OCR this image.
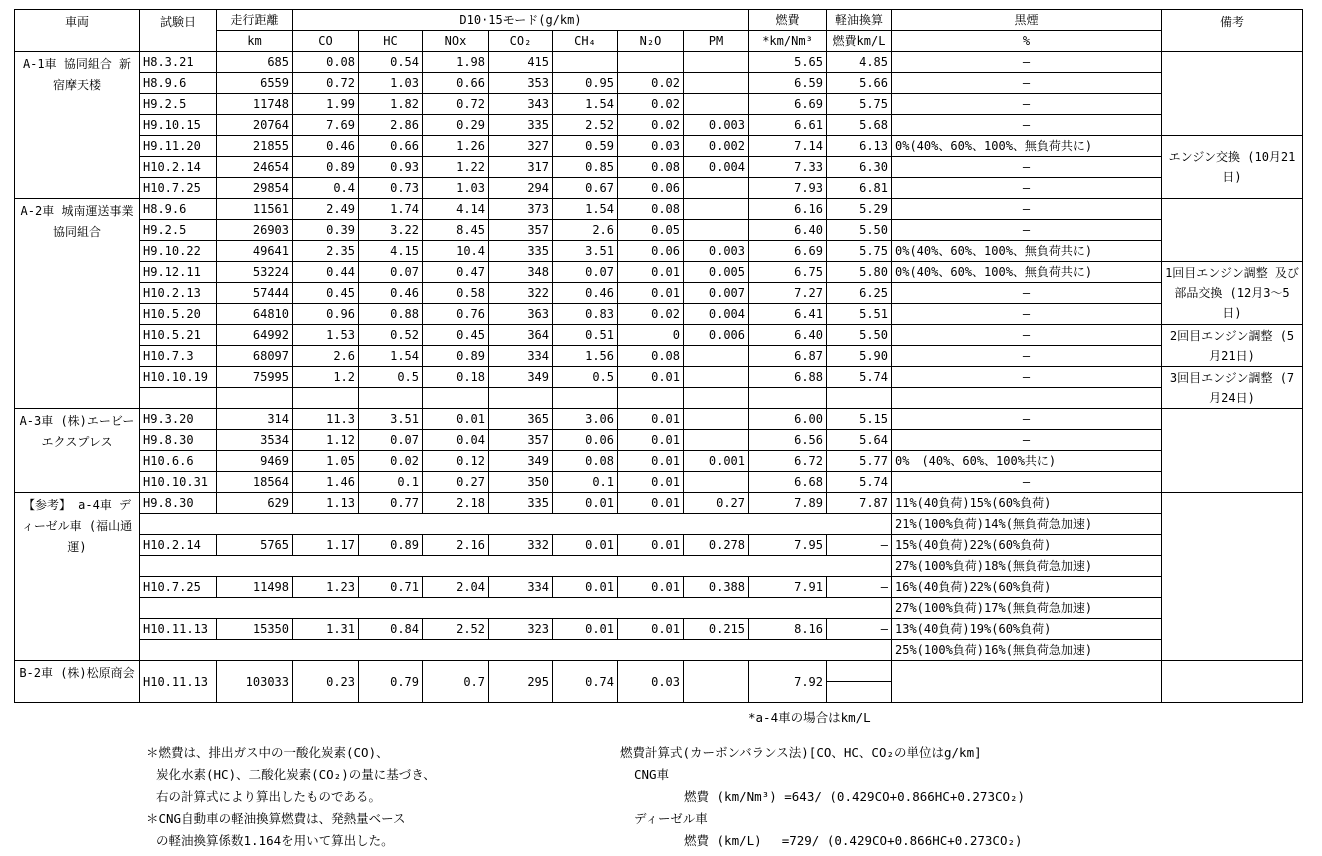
車両	試験日	走行距離	D10·15モード(g/km)							燃費	軽油換算	黒煙	備考
		km	CO	HC	NOx	CO₂	CH₄	N₂O	PM	*km/Nm³	燃費km/L	%	
A-1車 協同組合 新宿摩天楼	H8.3.21	685	0.08	0.54	1.98	415				5.65	4.85	―	
	H8.9.6	6559	0.72	1.03	0.66	353	0.95	0.02		6.59	5.66	―	
	H9.2.5	11748	1.99	1.82	0.72	343	1.54	0.02		6.69	5.75	―	
	H9.10.15	20764	7.69	2.86	0.29	335	2.52	0.02	0.003	6.61	5.68	―	
	H9.11.20	21855	0.46	0.66	1.26	327	0.59	0.03	0.002	7.14	6.13	0%(40%、60%、100%、無負荷共に)	エンジン交換 (10月21日)
	H10.2.14	24654	0.89	0.93	1.22	317	0.85	0.08	0.004	7.33	6.30	―	
	H10.7.25	29854	0.4	0.73	1.03	294	0.67	0.06		7.93	6.81	―	
A-2車 城南運送事業 協同組合	H8.9.6	11561	2.49	1.74	4.14	373	1.54	0.08		6.16	5.29	―	
	H9.2.5	26903	0.39	3.22	8.45	357	2.6	0.05		6.40	5.50	―	
	H9.10.22	49641	2.35	4.15	10.4	335	3.51	0.06	0.003	6.69	5.75	0%(40%、60%、100%、無負荷共に)	
	H9.12.11	53224	0.44	0.07	0.47	348	0.07	0.01	0.005	6.75	5.80	0%(40%、60%、100%、無負荷共に)	1回目エンジン調整 及び部品交換 (12月3～5日)
	H10.2.13	57444	0.45	0.46	0.58	322	0.46	0.01	0.007	7.27	6.25	―	
	H10.5.20	64810	0.96	0.88	0.76	363	0.83	0.02	0.004	6.41	5.51	―	
	H10.5.21	64992	1.53	0.52	0.45	364	0.51	0	0.006	6.40	5.50	―	2回目エンジン調整 (5月21日)
	H10.7.3	68097	2.6	1.54	0.89	334	1.56	0.08		6.87	5.90	―	
	H10.10.19	75995	1.2	0.5	0.18	349	0.5	0.01		6.88	5.74	―	3回目エンジン調整 (7月24日)

A-3車 (株)エービー エクスプレス	H9.3.20	314	11.3	3.51	0.01	365	3.06	0.01		6.00	5.15	―	
	H9.8.30	3534	1.12	0.07	0.04	357	0.06	0.01		6.56	5.64	―	
	H10.6.6	9469	1.05	0.02	0.12	349	0.08	0.01	0.001	6.72	5.77	0%　(40%、60%、100%共に)	
	H10.10.31	18564	1.46	0.1	0.27	350	0.1	0.01		6.68	5.74	―	
【参考】 a-4車 ディーゼル車 (福山通運)	H9.8.30	629	1.13	0.77	2.18	335	0.01	0.01	0.27	7.89	7.87	11%(40負荷)15%(60%負荷)	
												21%(100%負荷)14%(無負荷急加速)	
	H10.2.14	5765	1.17	0.89	2.16	332	0.01	0.01	0.278	7.95	―	15%(40負荷)22%(60%負荷)	
												27%(100%負荷)18%(無負荷急加速)	
	H10.7.25	11498	1.23	0.71	2.04	334	0.01	0.01	0.388	7.91	―	16%(40負荷)22%(60%負荷)	
												27%(100%負荷)17%(無負荷急加速)	
	H10.11.13	15350	1.31	0.84	2.52	323	0.01	0.01	0.215	8.16	―	13%(40負荷)19%(60%負荷)	
												25%(100%負荷)16%(無負荷急加速)	
B-2車 (株)松原商会	H10.11.13	103033	0.23	0.79	0.7	295	0.74	0.03		7.92			

*a-4車の場合はkm/L
＊燃費は、排出ガス中の一酸化炭素(CO)、
炭化水素(HC)、二酸化炭素(CO₂)の量に基づき、
右の計算式により算出したものである。
＊CNG自動車の軽油換算燃費は、発熱量ベース
の軽油換算係数1.164を用いて算出した。
燃費計算式(カーボンバランス法)[CO、HC、CO₂の単位はg/km]
CNG車
燃費 (km/Nm³) =643/ (0.429CO+0.866HC+0.273CO₂)
ディーゼル車
燃費 (km/L)　 =729/ (0.429CO+0.866HC+0.273CO₂)
